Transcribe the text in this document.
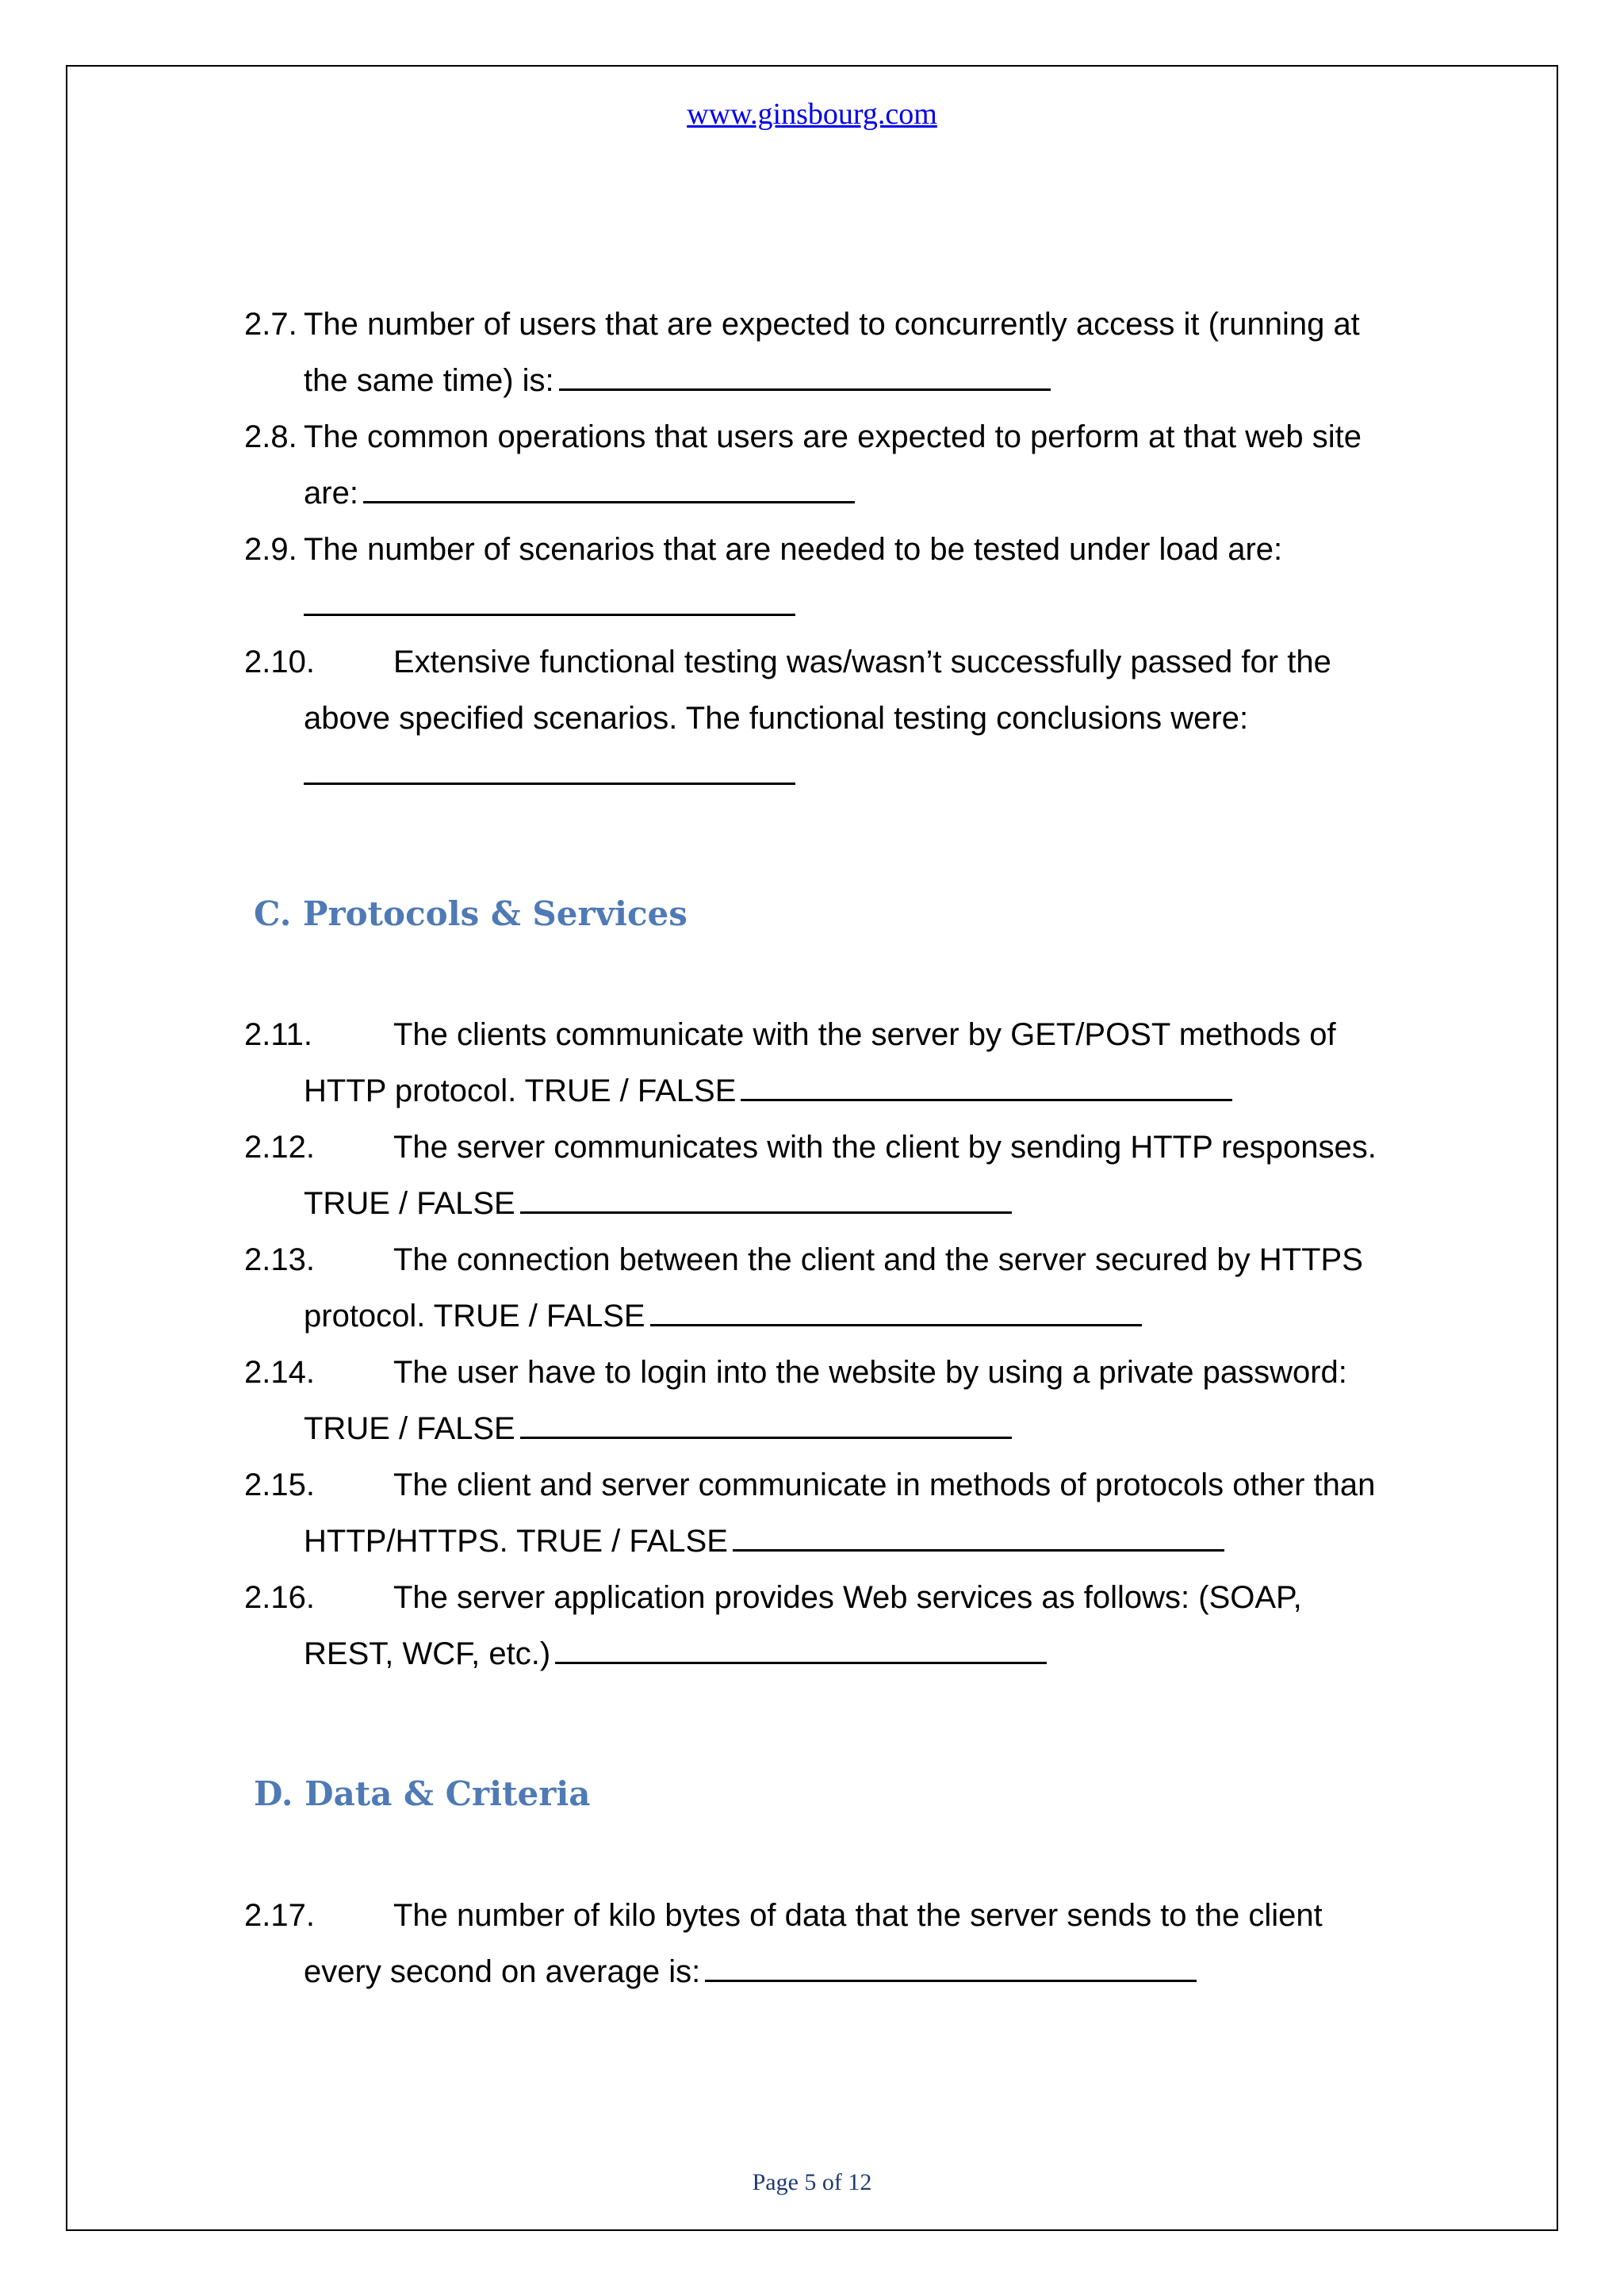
www.ginsbourg.com
2.7. The number of users that are expected to concurrently access it (running at
the same time) is:
2.8. The common operations that users are expected to perform at that web site
are:
2.9. The number of scenarios that are needed to be tested under load are:
2.10. Extensive functional testing was/wasn’t successfully passed for the
above specified scenarios. The functional testing conclusions were:
C. Protocols & Services
2.11.	The clients communicate with the server by GET/POST methods of
HTTP protocol. TRUE / FALSE
2.12. The server communicates with the client by sending HTTP responses.
TRUE / FALSE
2.13. The connection between the client and the server secured by HTTPS
protocol. TRUE / FALSE
2.14. The user have to login into the website by using a private password:
TRUE / FALSE
2.15. The client and server communicate in methods of protocols other than
HTTP/HTTPS. TRUE / FALSE
2.16. The server application provides Web services as follows: (SOAP,
REST, WCF, etc.)
D. Data & Criteria
2.17. The number of kilo bytes of data that the server sends to the client
every second on average is:
Page 5 of 12
